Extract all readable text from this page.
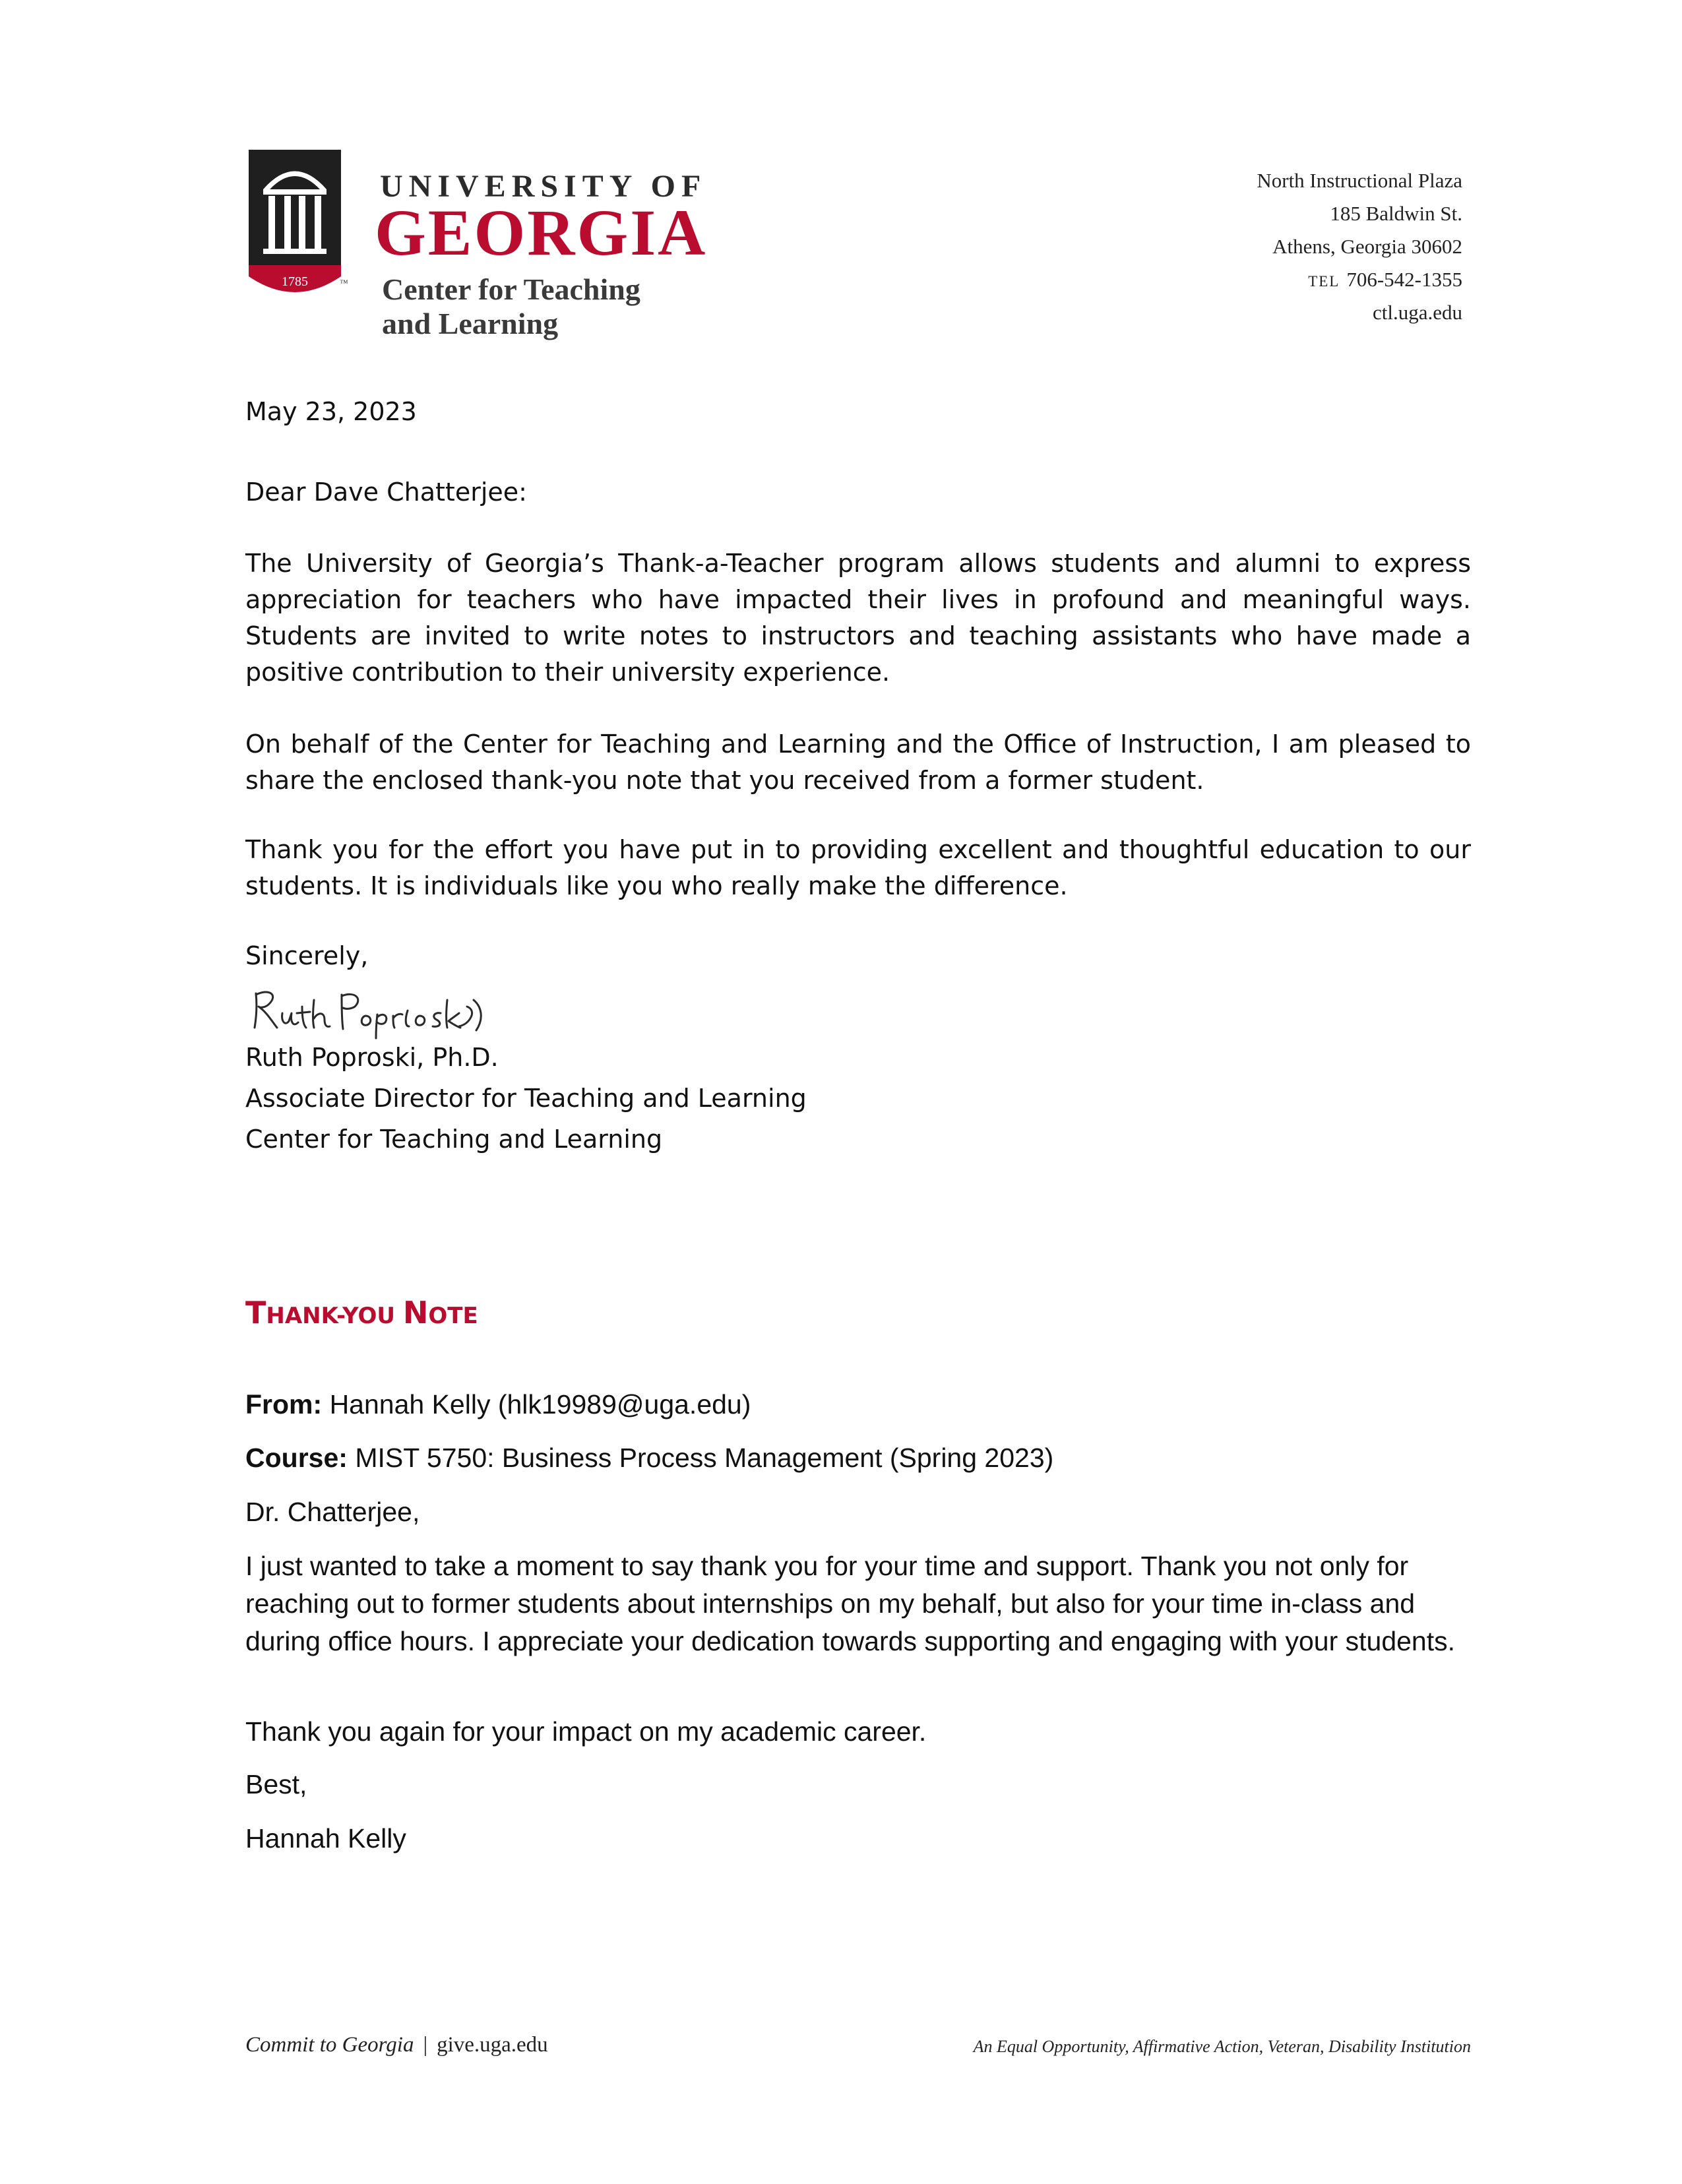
1785	™
UNIVERSITY OF
GEORGIA
Center for Teaching
and Learning
North Instructional Plaza
185 Baldwin St.
Athens, Georgia 30602
TEL 706-542-1355
ctl.uga.edu
May 23, 2023
Dear Dave Chatterjee:
The University of Georgia’s Thank-a-Teacher program allows students and alumni to express appreciation for teachers who have impacted their lives in profound and meaningful ways. Students are invited to write notes to instructors and teaching assistants who have made a positive contribution to their university experience.
On behalf of the Center for Teaching and Learning and the Office of Instruction, I am pleased to share the enclosed thank-you note that you received from a former student.
Thank you for the effort you have put in to providing excellent and thoughtful education to our students. It is individuals like you who really make the difference.
Sincerely,
Ruth Poproski, Ph.D.
Associate Director for Teaching and Learning
Center for Teaching and Learning
THANK-YOU NOTE
From: Hannah Kelly (hlk19989@uga.edu)
Course: MIST 5750: Business Process Management (Spring 2023)
Dr. Chatterjee,
I just wanted to take a moment to say thank you for your time and support. Thank you not only for reaching out to former students about internships on my behalf, but also for your time in-class and during office hours. I appreciate your dedication towards supporting and engaging with your students.
Thank you again for your impact on my academic career.
Best,
Hannah Kelly
Commit to Georgia | give.uga.edu	An Equal Opportunity, Affirmative Action, Veteran, Disability Institution
